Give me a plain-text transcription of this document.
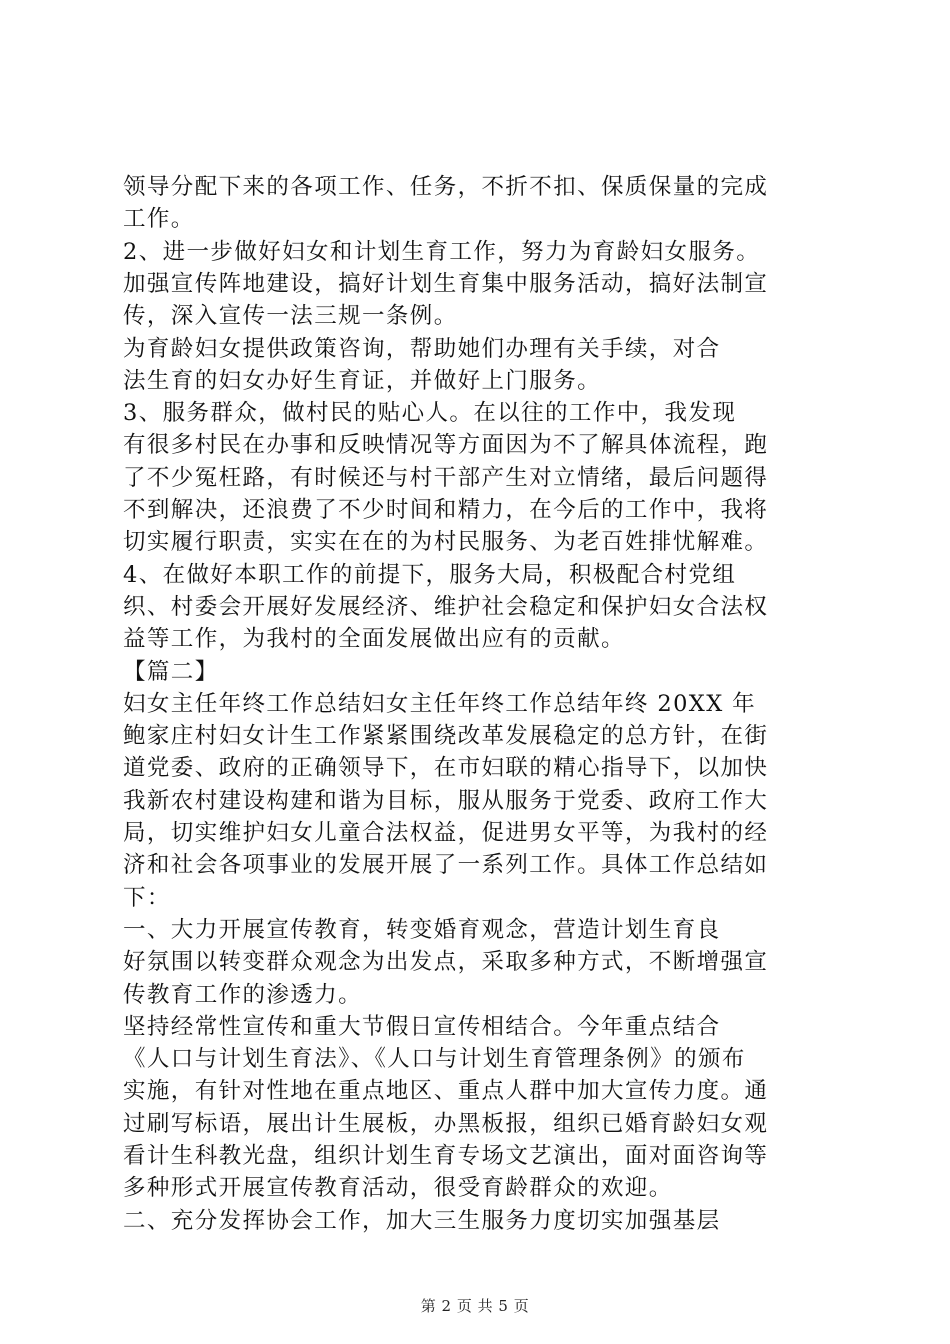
领导分配下来的各项工作、任务，不折不扣、保质保量的完成
工作。
2、进一步做好妇女和计划生育工作，努力为育龄妇女服务。
加强宣传阵地建设，搞好计划生育集中服务活动，搞好法制宣
传，深入宣传一法三规一条例。
为育龄妇女提供政策咨询，帮助她们办理有关手续，对合
法生育的妇女办好生育证，并做好上门服务。
3、服务群众，做村民的贴心人。在以往的工作中，我发现
有很多村民在办事和反映情况等方面因为不了解具体流程，跑
了不少冤枉路，有时候还与村干部产生对立情绪，最后问题得
不到解决，还浪费了不少时间和精力，在今后的工作中，我将
切实履行职责，实实在在的为村民服务、为老百姓排忧解难。
4、在做好本职工作的前提下，服务大局，积极配合村党组
织、村委会开展好发展经济、维护社会稳定和保护妇女合法权
益等工作，为我村的全面发展做出应有的贡献。
【篇二】
妇女主任年终工作总结妇女主任年终工作总结年终 20XX 年
鲍家庄村妇女计生工作紧紧围绕改革发展稳定的总方针，在街
道党委、政府的正确领导下，在市妇联的精心指导下，以加快
我新农村建设构建和谐为目标，服从服务于党委、政府工作大
局，切实维护妇女儿童合法权益，促进男女平等，为我村的经
济和社会各项事业的发展开展了一系列工作。具体工作总结如
下：
一、大力开展宣传教育，转变婚育观念，营造计划生育良
好氛围以转变群众观念为出发点，采取多种方式，不断增强宣
传教育工作的渗透力。
坚持经常性宣传和重大节假日宣传相结合。今年重点结合
《人口与计划生育法》、《人口与计划生育管理条例》的颁布
实施，有针对性地在重点地区、重点人群中加大宣传力度。通
过刷写标语，展出计生展板，办黑板报，组织已婚育龄妇女观
看计生科教光盘，组织计划生育专场文艺演出，面对面咨询等
多种形式开展宣传教育活动，很受育龄群众的欢迎。
二、充分发挥协会工作，加大三生服务力度切实加强基层
第 2 页 共 5 页
